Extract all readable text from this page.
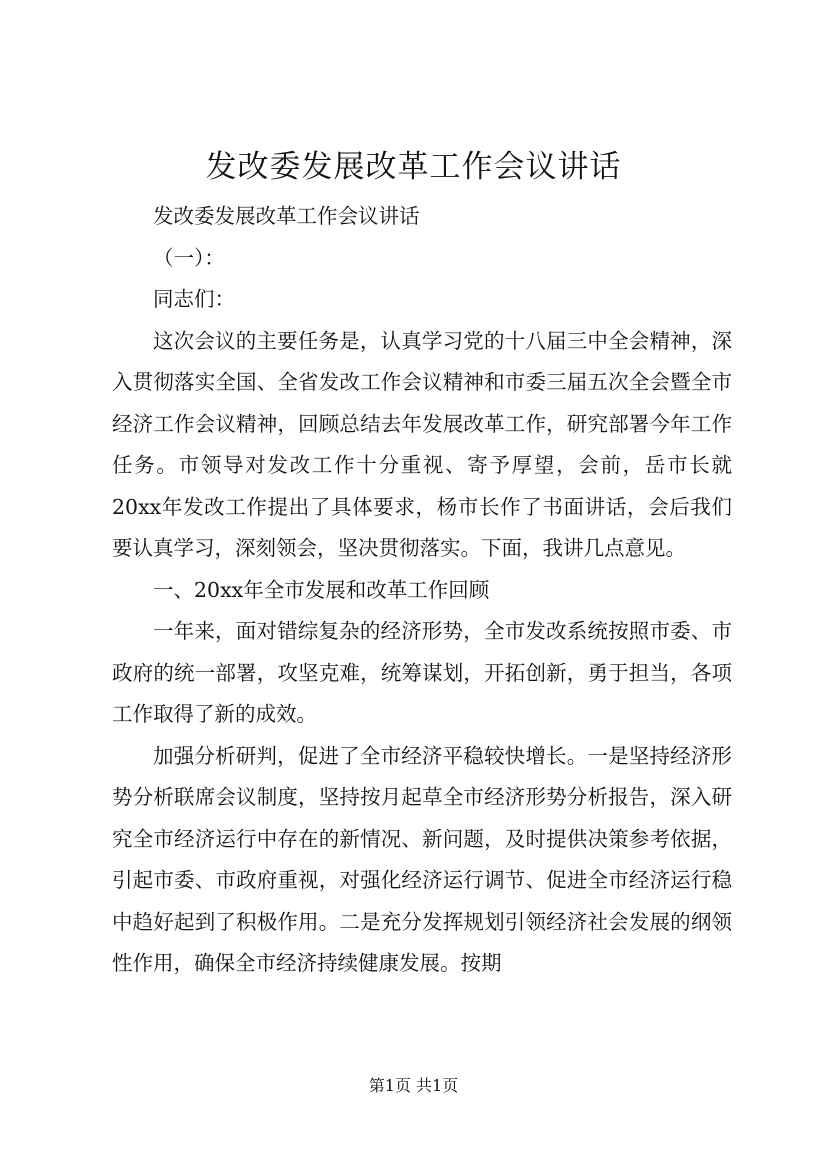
发改委发展改革工作会议讲话

发改委发展改革工作会议讲话

（一）：

同志们：

这次会议的主要任务是，认真学习党的十八届三中全会精神，深入贯彻落实全国、全省发改工作会议精神和市委三届五次全会暨全市经济工作会议精神，回顾总结去年发展改革工作，研究部署今年工作任务。市领导对发改工作十分重视、寄予厚望，会前，岳市长就20xx年发改工作提出了具体要求，杨市长作了书面讲话，会后我们要认真学习，深刻领会，坚决贯彻落实。下面，我讲几点意见。

一、20xx年全市发展和改革工作回顾

一年来，面对错综复杂的经济形势，全市发改系统按照市委、市政府的统一部署，攻坚克难，统筹谋划，开拓创新，勇于担当，各项工作取得了新的成效。

加强分析研判，促进了全市经济平稳较快增长。一是坚持经济形势分析联席会议制度，坚持按月起草全市经济形势分析报告，深入研究全市经济运行中存在的新情况、新问题，及时提供决策参考依据，引起市委、市政府重视，对强化经济运行调节、促进全市经济运行稳中趋好起到了积极作用。二是充分发挥规划引领经济社会发展的纲领性作用，确保全市经济持续健康发展。按期

第1页 共1页
